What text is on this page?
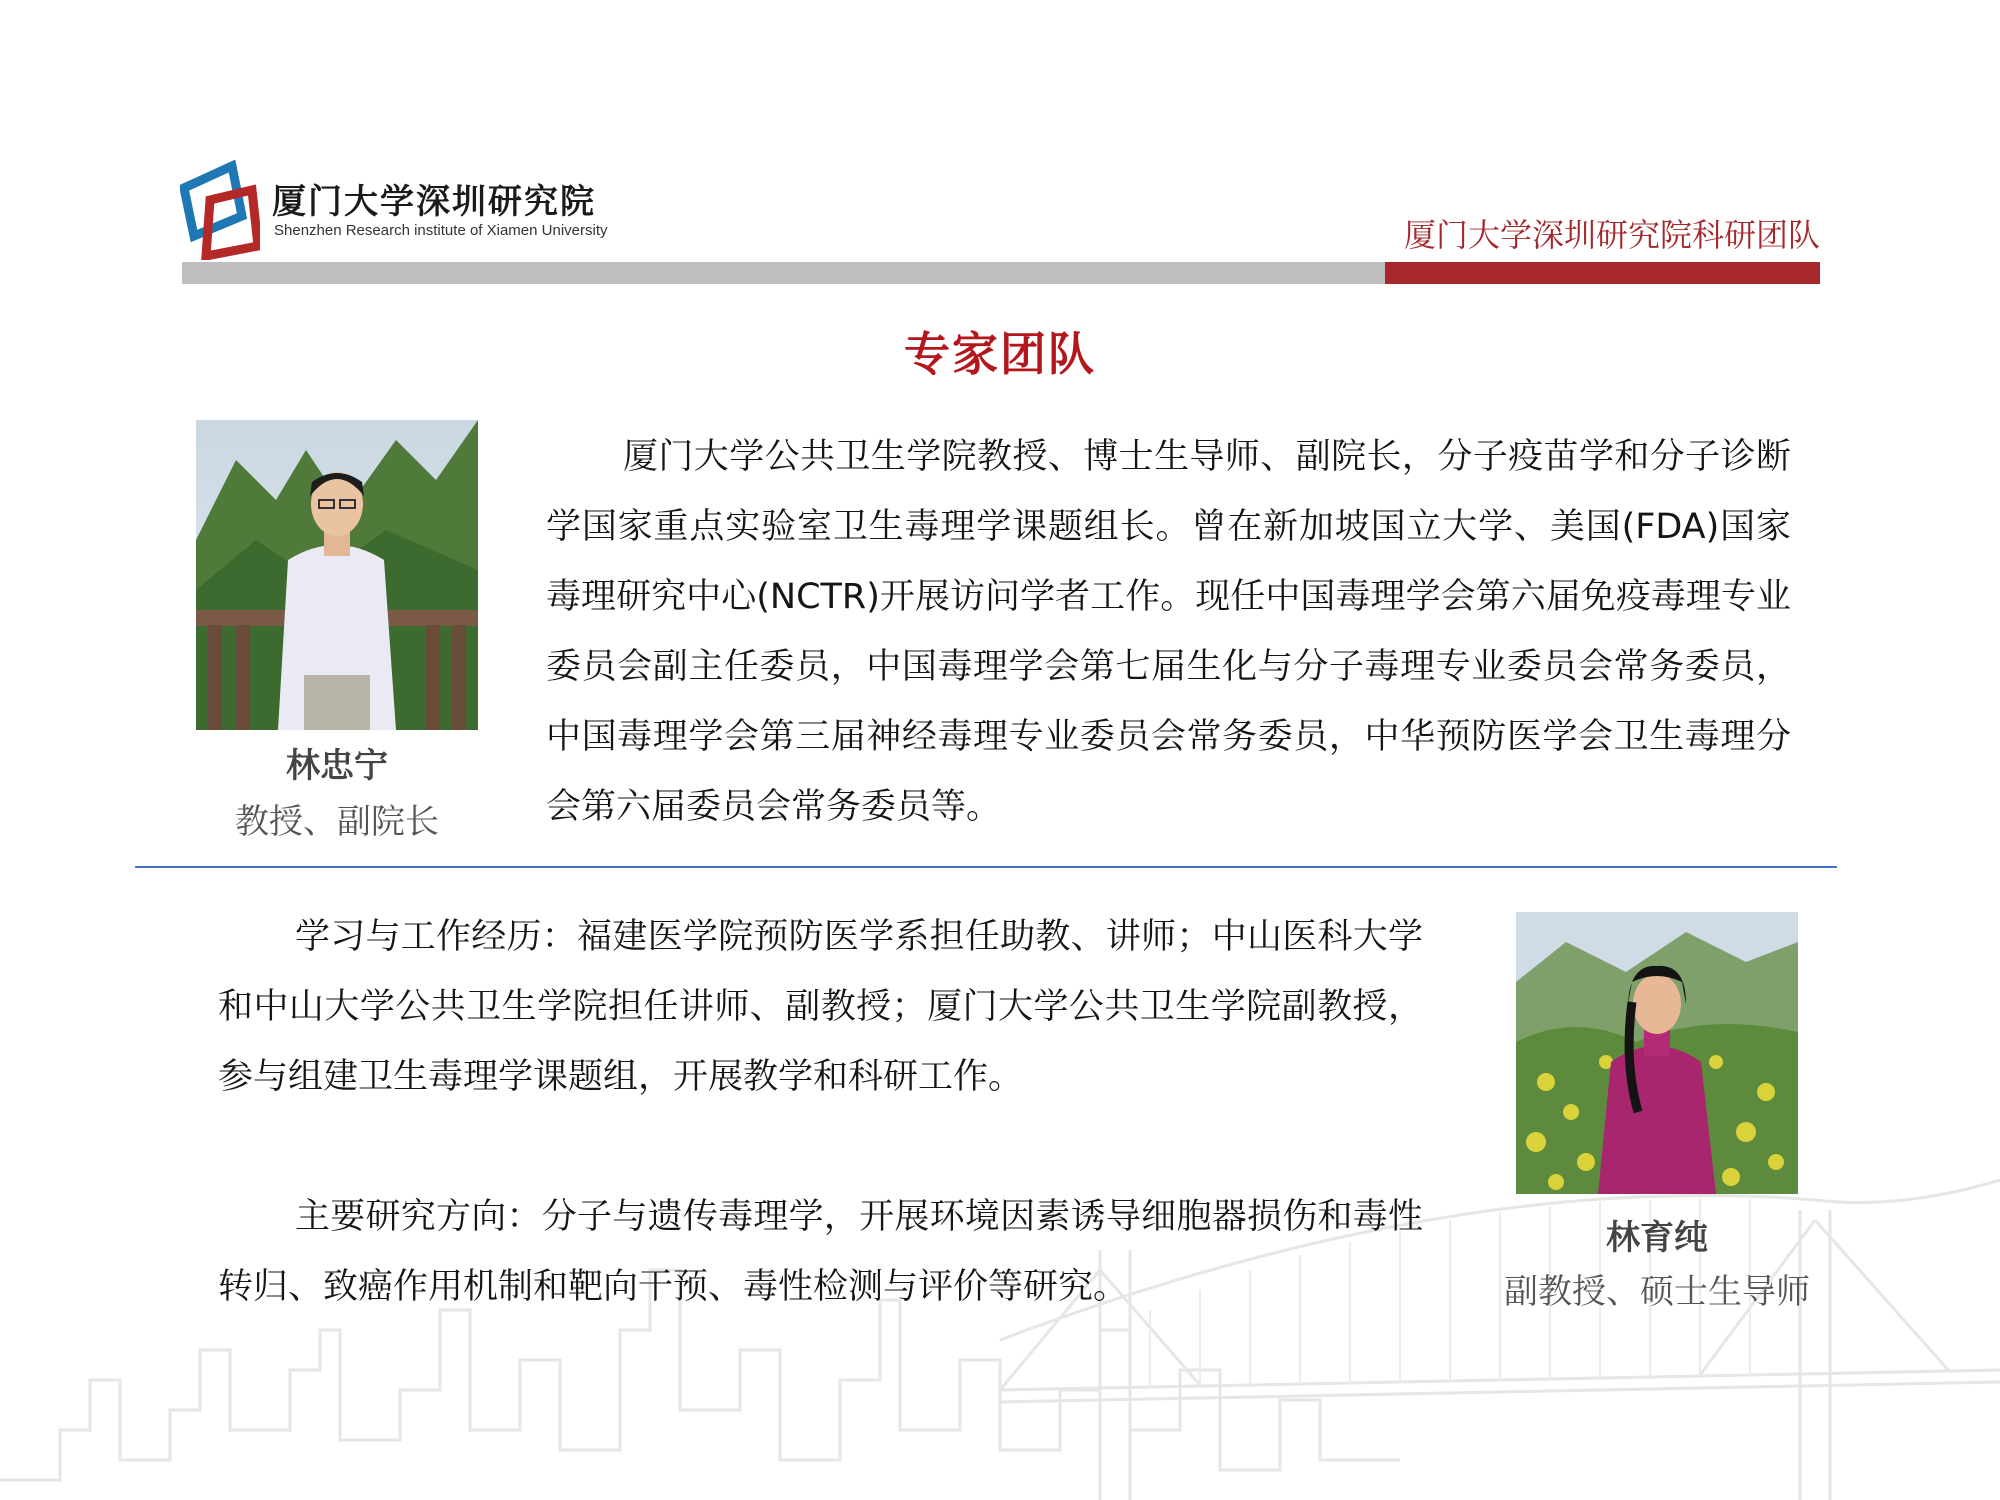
厦门大学深圳研究院
Shenzhen Research institute of Xiamen University	厦门大学深圳研究院科研团队
专家团队
林忠宁
教授、副院长
厦门大学公共卫生学院教授、博士生导师、副院长，分子疫苗学和分子诊断学国家重点实验室卫生毒理学课题组长。曾在新加坡国立大学、美国(FDA)国家毒理研究中心(NCTR)开展访问学者工作。现任中国毒理学会第六届免疫毒理专业委员会副主任委员，中国毒理学会第七届生化与分子毒理专业委员会常务委员，中国毒理学会第三届神经毒理专业委员会常务委员，中华预防医学会卫生毒理分会第六届委员会常务委员等。
学习与工作经历：福建医学院预防医学系担任助教、讲师；中山医科大学和中山大学公共卫生学院担任讲师、副教授；厦门大学公共卫生学院副教授，参与组建卫生毒理学课题组，开展教学和科研工作。
主要研究方向：分子与遗传毒理学，开展环境因素诱导细胞器损伤和毒性转归、致癌作用机制和靶向干预、毒性检测与评价等研究。
林育纯
副教授、硕士生导师
